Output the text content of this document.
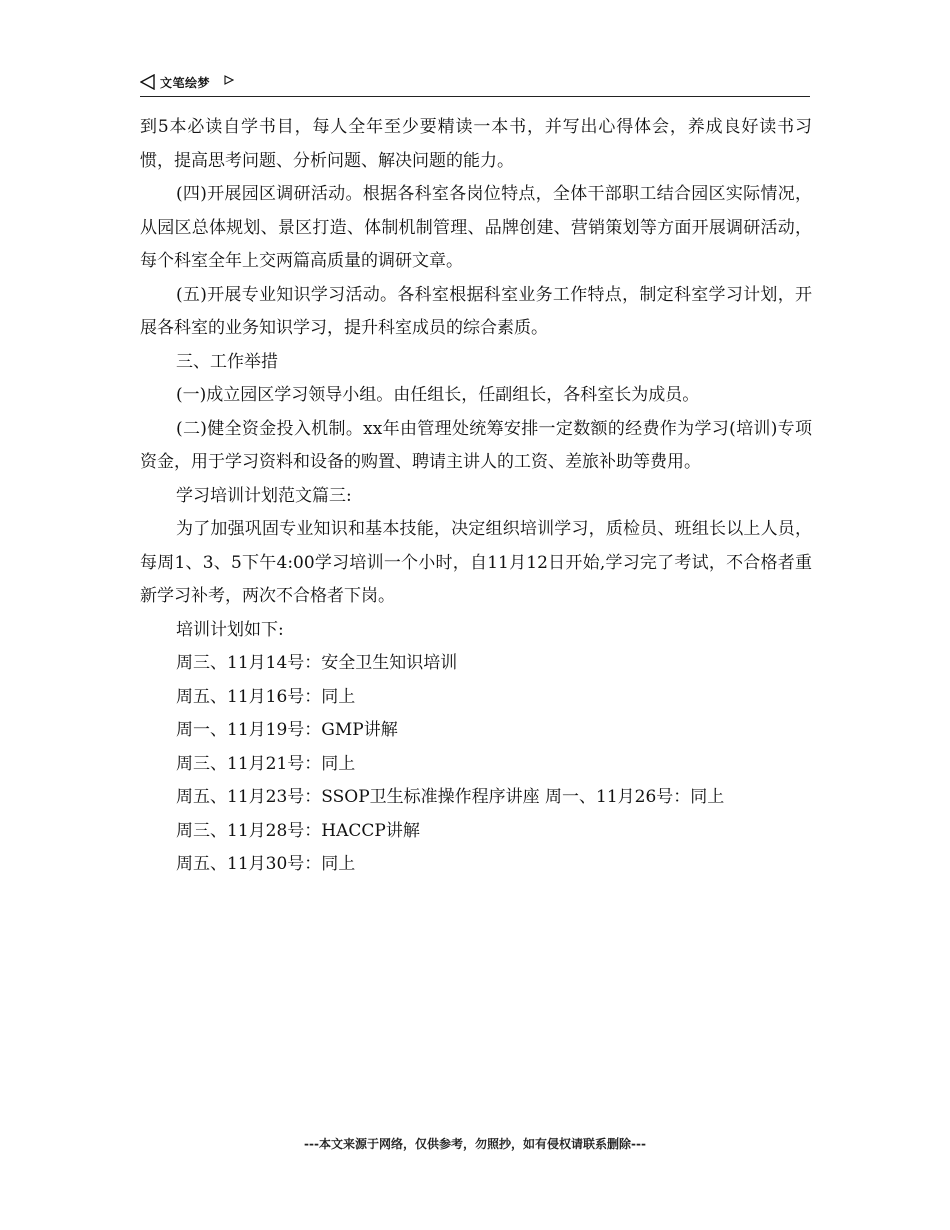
文笔绘梦

到5本必读自学书目，每人全年至少要精读一本书，并写出心得体会，养成良好读书习惯，提高思考问题、分析问题、解决问题的能力。

(四)开展园区调研活动。根据各科室各岗位特点，全体干部职工结合园区实际情况，从园区总体规划、景区打造、体制机制管理、品牌创建、营销策划等方面开展调研活动，每个科室全年上交两篇高质量的调研文章。

(五)开展专业知识学习活动。各科室根据科室业务工作特点，制定科室学习计划，开展各科室的业务知识学习，提升科室成员的综合素质。

三、工作举措

(一)成立园区学习领导小组。由任组长，任副组长，各科室长为成员。

(二)健全资金投入机制。xx年由管理处统筹安排一定数额的经费作为学习(培训)专项资金，用于学习资料和设备的购置、聘请主讲人的工资、差旅补助等费用。

学习培训计划范文篇三:

为了加强巩固专业知识和基本技能，决定组织培训学习，质检员、班组长以上人员，每周1、3、5下午4:00学习培训一个小时，自11月12日开始,学习完了考试，不合格者重新学习补考，两次不合格者下岗。

培训计划如下:

周三、11月14号：安全卫生知识培训

周五、11月16号：同上

周一、11月19号：GMP讲解

周三、11月21号：同上

周五、11月23号：SSOP卫生标准操作程序讲座 周一、11月26号：同上

周三、11月28号：HACCP讲解

周五、11月30号：同上

---本文来源于网络，仅供参考，勿照抄，如有侵权请联系删除---
